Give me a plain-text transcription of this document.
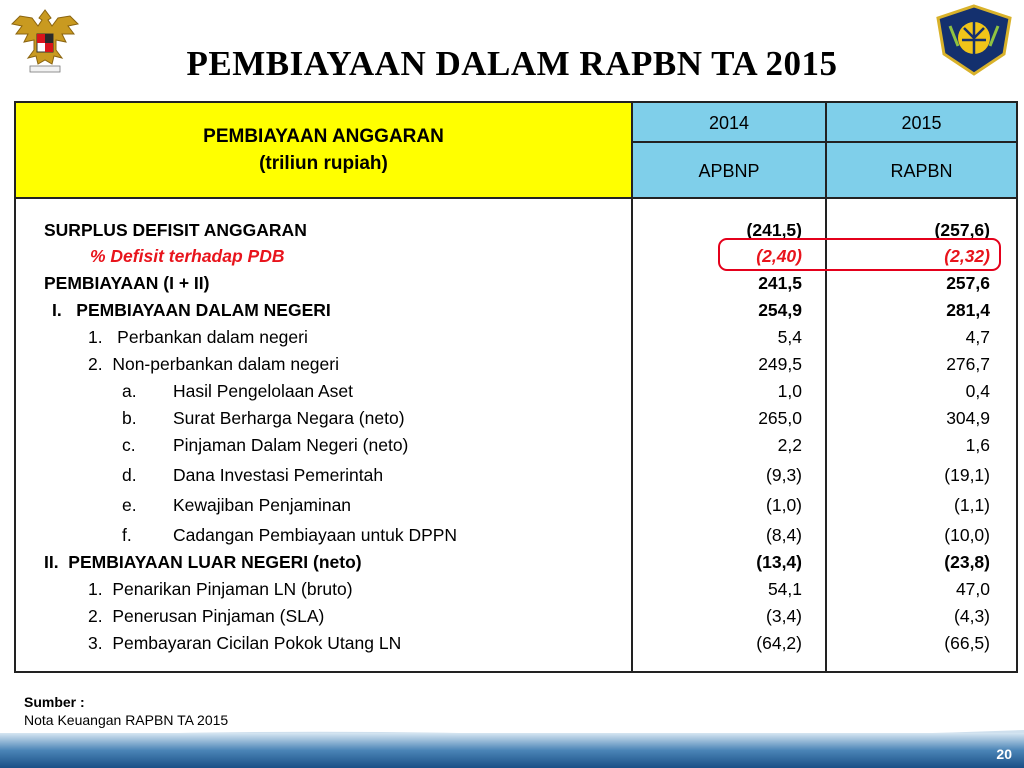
PEMBIAYAAN DALAM RAPBN TA 2015
PEMBIAYAAN ANGGARAN
(triliun rupiah)
2014	2015
APBNP	RAPBN
SURPLUS DEFISIT ANGGARAN	(241,5)	(257,6)
% Defisit terhadap PDB	(2,40)	(2,32)
PEMBIAYAAN (I + II)	241,5	257,6
I.   PEMBIAYAAN DALAM NEGERI	254,9	281,4
1.   Perbankan dalam negeri	5,4	4,7
2.  Non-perbankan dalam negeri	249,5	276,7
a. Hasil Pengelolaan Aset	1,0	0,4
b. Surat Berharga Negara (neto)	265,0	304,9
c. Pinjaman Dalam Negeri (neto)	2,2	1,6
d. Dana Investasi Pemerintah	(9,3)	(19,1)
e. Kewajiban Penjaminan	(1,0)	(1,1)
f. Cadangan Pembiayaan untuk DPPN	(8,4)	(10,0)
II.  PEMBIAYAAN LUAR NEGERI (neto)	(13,4)	(23,8)
1.  Penarikan Pinjaman LN (bruto)	54,1	47,0
2.  Penerusan Pinjaman (SLA)	(3,4)	(4,3)
3.  Pembayaran Cicilan Pokok Utang LN	(64,2)	(66,5)
Sumber :
Nota Keuangan RAPBN TA 2015
20
